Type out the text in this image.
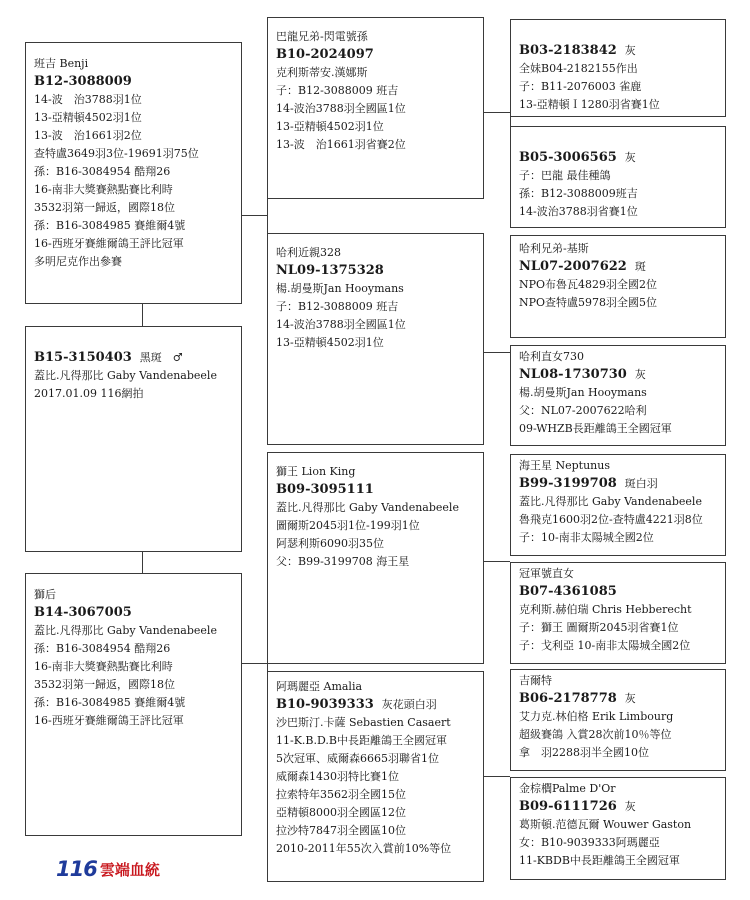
班吉 Benji
B12-3088009
14-波　治3788羽1位
13-亞精頓4502羽1位
13-波　治1661羽2位
查特盧3649羽3位-19691羽75位
孫：B16-3084954 酷翔26
16-南非大獎賽熱點賽比利時
3532羽第一歸返，國際18位
孫：B16-3084985 賽維爾4號
16-西班牙賽維爾鴿王評比冠軍
多明尼克作出參賽
B15-3150403 黑斑　♂
蓋比.凡得那比 Gaby Vandenabeele
2017.01.09 116網拍
獅后
B14-3067005
蓋比.凡得那比 Gaby Vandenabeele
孫：B16-3084954 酷翔26
16-南非大獎賽熱點賽比利時
3532羽第一歸返，國際18位
孫：B16-3084985 賽維爾4號
16-西班牙賽維爾鴿王評比冠軍
巴龍兄弟-閃電號孫
B10-2024097
克利斯蒂安.漢娜斯
子：B12-3088009 班吉
14-波治3788羽全國區1位
13-亞精頓4502羽1位
13-波　治1661羽省賽2位
哈利近親328
NL09-1375328
楊.胡曼斯Jan Hooymans
子：B12-3088009 班吉
14-波治3788羽全國區1位
13-亞精頓4502羽1位
獅王 Lion King
B09-3095111
蓋比.凡得那比 Gaby Vandenabeele
圖爾斯2045羽1位-199羽1位
阿瑟利斯6090羽35位
父：B99-3199708 海王星
阿瑪麗亞 Amalia
B10-9039333 灰花頭白羽
沙巴斯汀.卡薩 Sebastien Casaert
11-K.B.D.B中長距離鴿王全國冠軍
5次冠軍、威爾森6665羽聯省1位
威爾森1430羽特比賽1位
拉索特年3562羽全國15位
亞精頓8000羽全國區12位
拉沙特7847羽全國區10位
2010-2011年55次入賞前10%等位
B03-2183842 灰
全妹B04-2182155作出
子：B11-2076003 雀鹿
13-亞精頓Ｉ1280羽省賽1位
B05-3006565 灰
子：巴龍 最佳種鴿
孫：B12-3088009班吉
14-波治3788羽省賽1位
哈利兄弟-基斯
NL07-2007622 斑
NPO布魯瓦4829羽全國2位
NPO查特盧5978羽全國5位
哈利直女730
NL08-1730730 灰
楊.胡曼斯Jan Hooymans
父：NL07-2007622哈利
09-WHZB長距離鴿王全國冠軍
海王星 Neptunus
B99-3199708 斑白羽
蓋比.凡得那比 Gaby Vandenabeele
魯飛克1600羽2位-查特盧4221羽8位
子：10-南非太陽城全國2位
冠軍號直女
B07-4361085
克利斯.赫伯瑞 Chris Hebberecht
子：獅王 圖爾斯2045羽省賽1位
子：戈利亞 10-南非太陽城全國2位
吉爾特
B06-2178778 灰
艾力克.林伯格 Erik Limbourg
超級賽鴿 入賞28次前10％等位
拿　羽2288羽半全國10位
金棕櫚Palme D'Or
B09-6111726 灰
葛斯頓.范德瓦爾 Wouwer Gaston
女：B10-9039333阿瑪麗亞
11-KBDB中長距離鴿王全國冠軍
116 雲端血統
